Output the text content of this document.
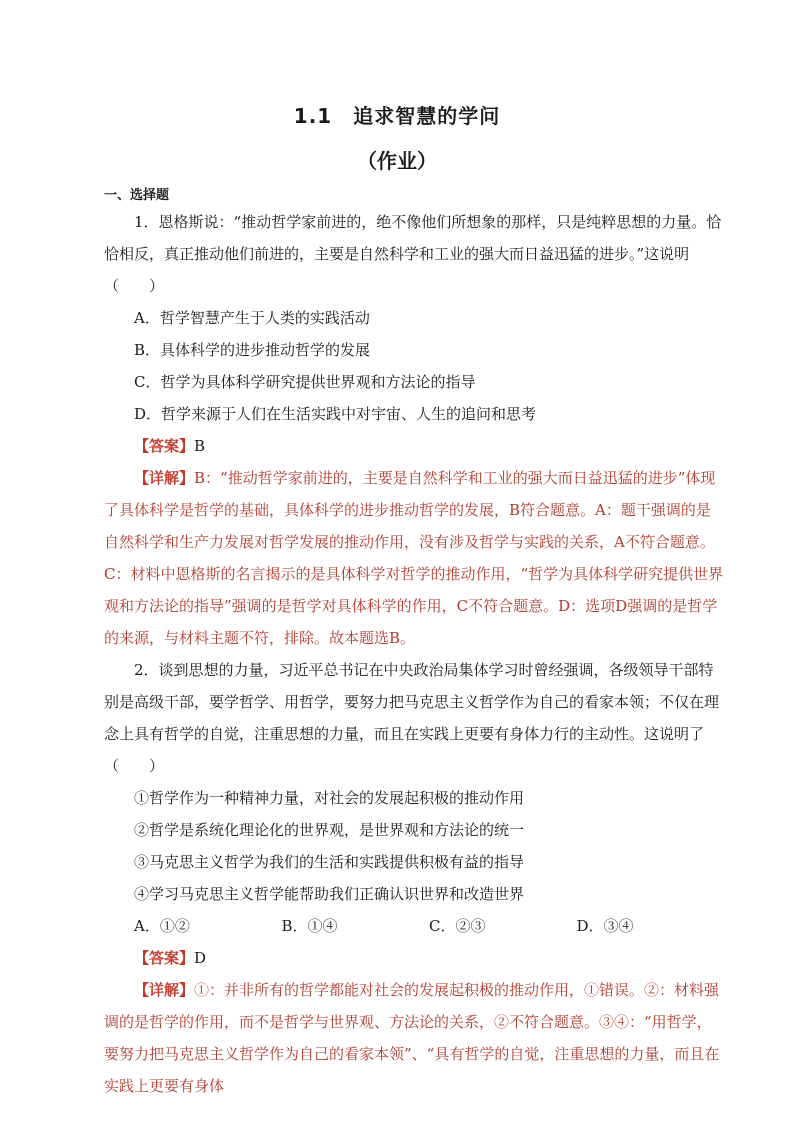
1.1　追求智慧的学问
（作业）
一、选择题

1．恩格斯说：“推动哲学家前进的，绝不像他们所想象的那样，只是纯粹思想的力量。恰恰相反，真正推动他们前进的，主要是自然科学和工业的强大而日益迅猛的进步。”这说明（　　）

A．哲学智慧产生于人类的实践活动

B．具体科学的进步推动哲学的发展

C．哲学为具体科学研究提供世界观和方法论的指导

D．哲学来源于人们在生活实践中对宇宙、人生的追问和思考

【答案】B

【详解】B：“推动哲学家前进的，主要是自然科学和工业的强大而日益迅猛的进步”体现了具体科学是哲学的基础，具体科学的进步推动哲学的发展，B符合题意。A：题干强调的是自然科学和生产力发展对哲学发展的推动作用，没有涉及哲学与实践的关系，A不符合题意。C：材料中恩格斯的名言揭示的是具体科学对哲学的推动作用，“哲学为具体科学研究提供世界观和方法论的指导”强调的是哲学对具体科学的作用，C不符合题意。D：选项D强调的是哲学的来源，与材料主题不符，排除。故本题选B。

2．谈到思想的力量，习近平总书记在中央政治局集体学习时曾经强调，各级领导干部特别是高级干部，要学哲学、用哲学，要努力把马克思主义哲学作为自己的看家本领；不仅在理念上具有哲学的自觉，注重思想的力量，而且在实践上更要有身体力行的主动性。这说明了（　　）

①哲学作为一种精神力量，对社会的发展起积极的推动作用

②哲学是系统化理论化的世界观，是世界观和方法论的统一

③马克思主义哲学为我们的生活和实践提供积极有益的指导

④学习马克思主义哲学能帮助我们正确认识世界和改造世界

A．①②	B．①④	C．②③	D．③④

【答案】D

【详解】①：并非所有的哲学都能对社会的发展起积极的推动作用，①错误。②：材料强调的是哲学的作用，而不是哲学与世界观、方法论的关系，②不符合题意。③④：“用哲学，要努力把马克思主义哲学作为自己的看家本领”、“具有哲学的自觉，注重思想的力量，而且在实践上更要有身体
